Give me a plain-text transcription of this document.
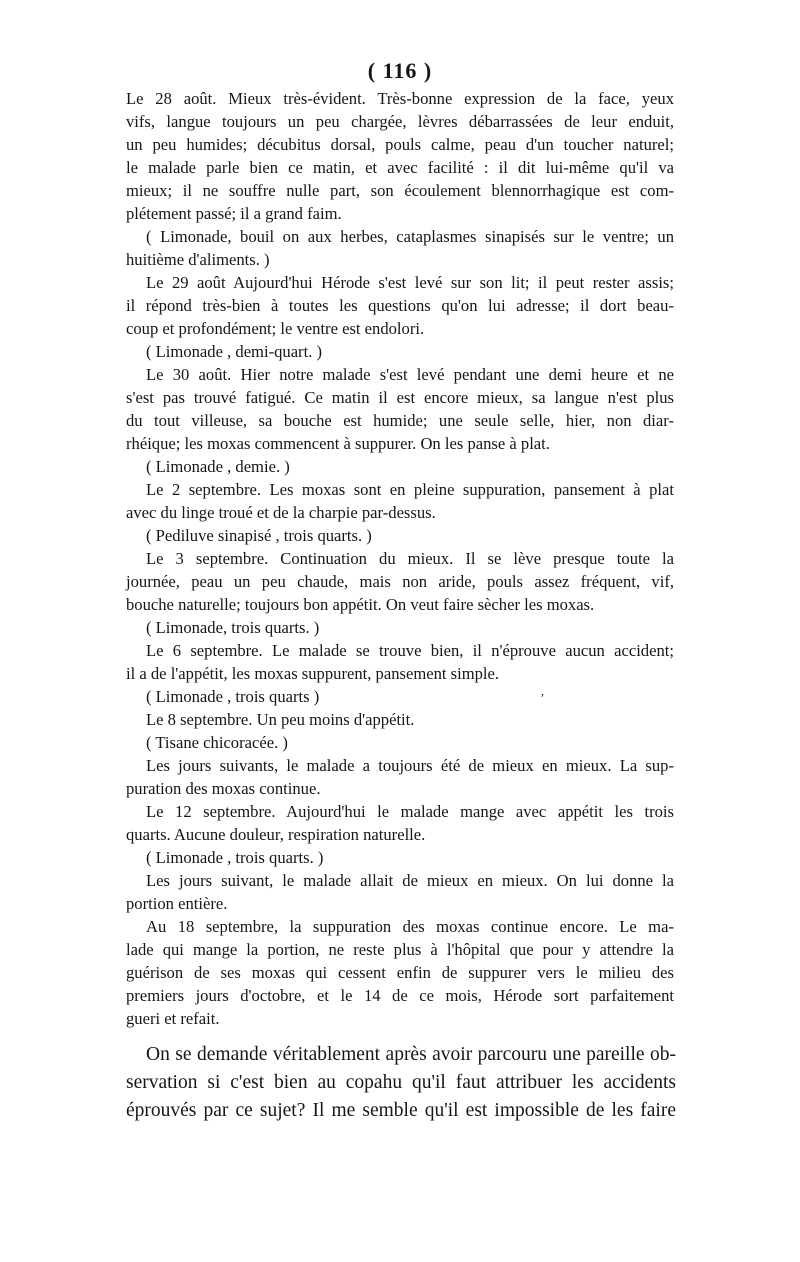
( 116 )
Le 28 août. Mieux très-évident. Très-bonne expression de la face, yeux
vifs, langue toujours un peu chargée, lèvres débarrassées de leur enduit,
un peu humides; décubitus dorsal, pouls calme, peau d'un toucher naturel;
le malade parle bien ce matin, et avec facilité : il dit lui-même qu'il va
mieux; il ne souffre nulle part, son écoulement blennorrhagique est com-
plétement passé; il a grand faim.
( Limonade, bouil on aux herbes, cataplasmes sinapisés sur le ventre; un
huitième d'aliments. )
Le 29 août Aujourd'hui Hérode s'est levé sur son lit; il peut rester assis;
il répond très-bien à toutes les questions qu'on lui adresse; il dort beau-
coup et profondément; le ventre est endolori.
( Limonade , demi-quart. )
Le 30 août. Hier notre malade s'est levé pendant une demi heure et ne
s'est pas trouvé fatigué. Ce matin il est encore mieux, sa langue n'est plus
du tout villeuse, sa bouche est humide; une seule selle, hier, non diar-
rhéique; les moxas commencent à suppurer. On les panse à plat.
( Limonade , demie. )
Le 2 septembre. Les moxas sont en pleine suppuration, pansement à plat
avec du linge troué et de la charpie par-dessus.
( Pediluve sinapisé , trois quarts. )
Le 3 septembre. Continuation du mieux. Il se lève presque toute la
journée, peau un peu chaude, mais non aride, pouls assez fréquent, vif,
bouche naturelle; toujours bon appétit. On veut faire sècher les moxas.
( Limonade, trois quarts. )
Le 6 septembre. Le malade se trouve bien, il n'éprouve aucun accident;
il a de l'appétit, les moxas suppurent, pansement simple.
( Limonade , trois quarts )
Le 8 septembre. Un peu moins d'appétit.
( Tisane chicoracée. )
Les jours suivants, le malade a toujours été de mieux en mieux. La sup-
puration des moxas continue.
Le 12 septembre. Aujourd'hui le malade mange avec appétit les trois
quarts. Aucune douleur, respiration naturelle.
( Limonade , trois quarts. )
Les jours suivant, le malade allait de mieux en mieux. On lui donne la
portion entière.
Au 18 septembre, la suppuration des moxas continue encore. Le ma-
lade qui mange la portion, ne reste plus à l'hôpital que pour y attendre la
guérison de ses moxas qui cessent enfin de suppurer vers le milieu des
premiers jours d'octobre, et le 14 de ce mois, Hérode sort parfaitement
gueri et refait.
,
On se demande véritablement après avoir parcouru une pareille ob-
servation si c'est bien au copahu qu'il faut attribuer les accidents
éprouvés par ce sujet? Il me semble qu'il est impossible de les faire
